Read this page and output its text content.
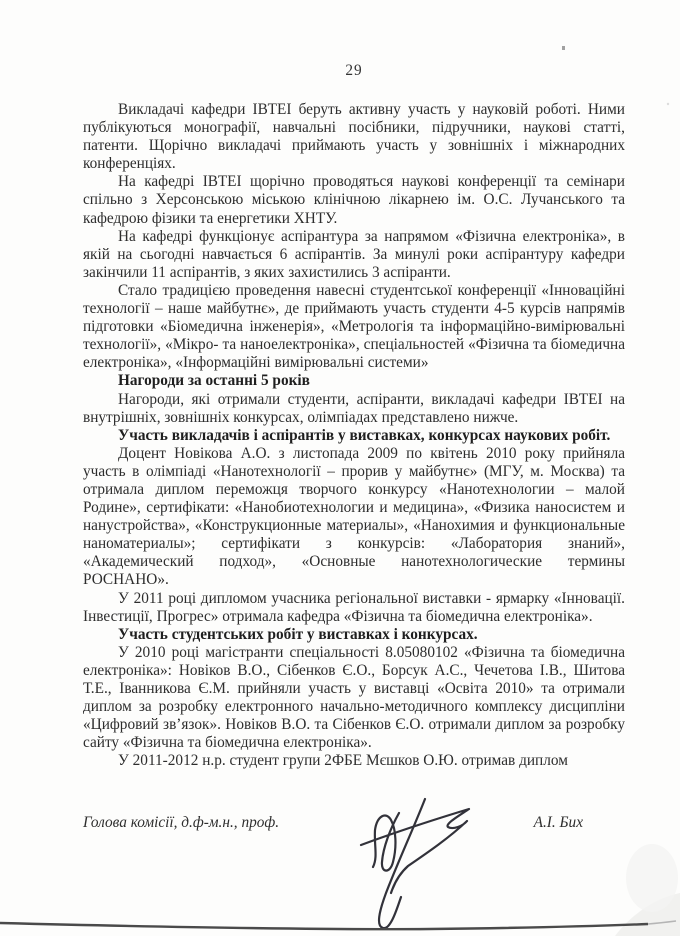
29

Викладачі кафедри ІВТЕІ беруть активну участь у науковій роботі. Ними публікуються монографії, навчальні посібники, підручники, наукові статті, патенти. Щорічно викладачі приймають участь у зовнішніх і міжнародних конференціях.

На кафедрі ІВТЕІ щорічно проводяться наукові конференції та семінари спільно з Херсонською міською клінічною лікарнею ім. О.С. Лучанського та кафедрою фізики та енергетики ХНТУ.

На кафедрі функціонує аспірантура за напрямом «Фізична електроніка», в якій на сьогодні навчається 6 аспірантів. За минулі роки аспірантуру кафедри закінчили 11 аспірантів, з яких захистились 3 аспіранти.

Стало традицією проведення навесні студентської конференції «Інноваційні технології – наше майбутнє», де приймають участь студенти 4-5 курсів напрямів підготовки «Біомедична інженерія», «Метрологія та інформаційно-вимірювальні технології», «Мікро- та наноелектроніка», спеціальностей «Фізична та біомедична електроніка», «Інформаційні вимірювальні системи»

Нагороди за останні 5 років

Нагороди, які отримали студенти, аспіранти, викладачі кафедри ІВТЕІ на внутрішніх, зовнішніх конкурсах, олімпіадах представлено нижче.

Участь викладачів і аспірантів у виставках, конкурсах наукових робіт.

Доцент Новікова А.О. з листопада 2009 по квітень 2010 року прийняла участь в олімпіаді «Нанотехнології – прорив у майбутнє» (МГУ, м. Москва) та отримала диплом переможця творчого конкурсу «Нанотехнологии – малой Родине», сертифікати: «Нанобиотехнологии и медицина», «Физика наносистем и нанустройства», «Конструкционные материалы», «Нанохимия и функциональные наноматериалы»; сертифікати з конкурсів: «Лаборатория знаний», «Академический подход», «Основные нанотехнологические термины РОСНАНО».

У 2011 році дипломом учасника регіональної виставки - ярмарку «Інновації. Інвестиції, Прогрес» отримала кафедра «Фізична та біомедична електроніка».

Участь студентських робіт у виставках і конкурсах.

У 2010 році магістранти спеціальності 8.05080102 «Фізична та біомедична електроніка»: Новіков В.О., Сібенков Є.О., Борсук А.С., Чечетова І.В., Шитова Т.Е., Іванникова Є.М. прийняли участь у виставці «Освіта 2010» та отримали диплом за розробку електронного начально-методичного комплексу дисципліни «Цифровий зв’язок». Новіков В.О. та Сібенков Є.О. отримали диплом за розробку сайту «Фізична та біомедична електроніка».

У 2011-2012 н.р. студент групи 2ФБЕ Мєшков О.Ю. отримав диплом

Голова комісії, д.ф-м.н., проф.	А.І. Бих
